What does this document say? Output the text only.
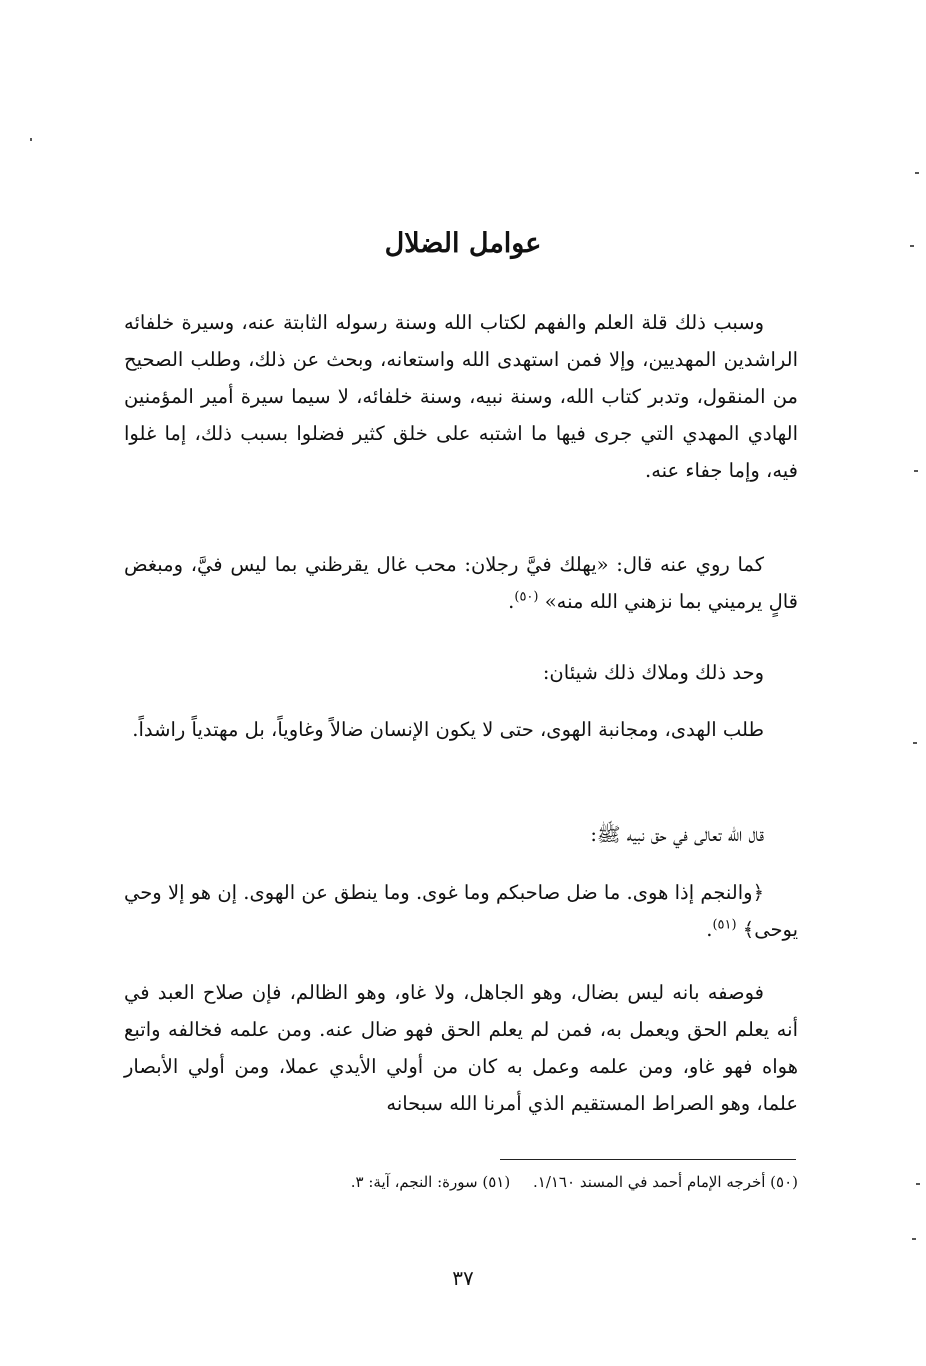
عوامل الضلال

وسبب ذلك قلة العلم والفهم لكتاب الله وسنة رسوله الثابتة عنه، وسيرة خلفائه الراشدين المهديين، وإلا فمن استهدى الله واستعانه، وبحث عن ذلك، وطلب الصحيح من المنقول، وتدبر كتاب الله، وسنة نبيه، وسنة خلفائه، لا سيما سيرة أمير المؤمنين الهادي المهدي التي جرى فيها ما اشتبه على خلق كثير فضلوا بسبب ذلك، إما غلوا فيه، وإما جفاء عنه.

كما روي عنه قال: «يهلك فيَّ رجلان: محب غال يقرظني بما ليس فيَّ، ومبغض قالٍ يرميني بما نزهني الله منه» $^{(٥٠)}$.

وحد ذلك وملاك ذلك شيئان:

طلب الهدى، ومجانبة الهوى، حتى لا يكون الإنسان ضالاً وغاوياً، بل مهتدياً راشداً.

قال الله تعالى في حق نبيه ﷺ:

﴿والنجم إذا هوى. ما ضل صاحبكم وما غوى. وما ينطق عن الهوى. إن هو إلا وحي يوحى﴾ $^{(٥١)}$.

فوصفه بانه ليس بضال، وهو الجاهل، ولا غاو، وهو الظالم، فإن صلاح العبد في أنه يعلم الحق ويعمل به، فمن لم يعلم الحق فهو ضال عنه. ومن علمه فخالفه واتبع هواه فهو غاو، ومن علمه وعمل به كان من أولي الأيدي عملا، ومن أولي الأبصار علما، وهو الصراط المستقيم الذي أمرنا الله سبحانه

(٥٠) أخرجه الإمام أحمد في المسند ١/١٦٠. (٥١) سورة: النجم، آية: ٣.

٣٧
